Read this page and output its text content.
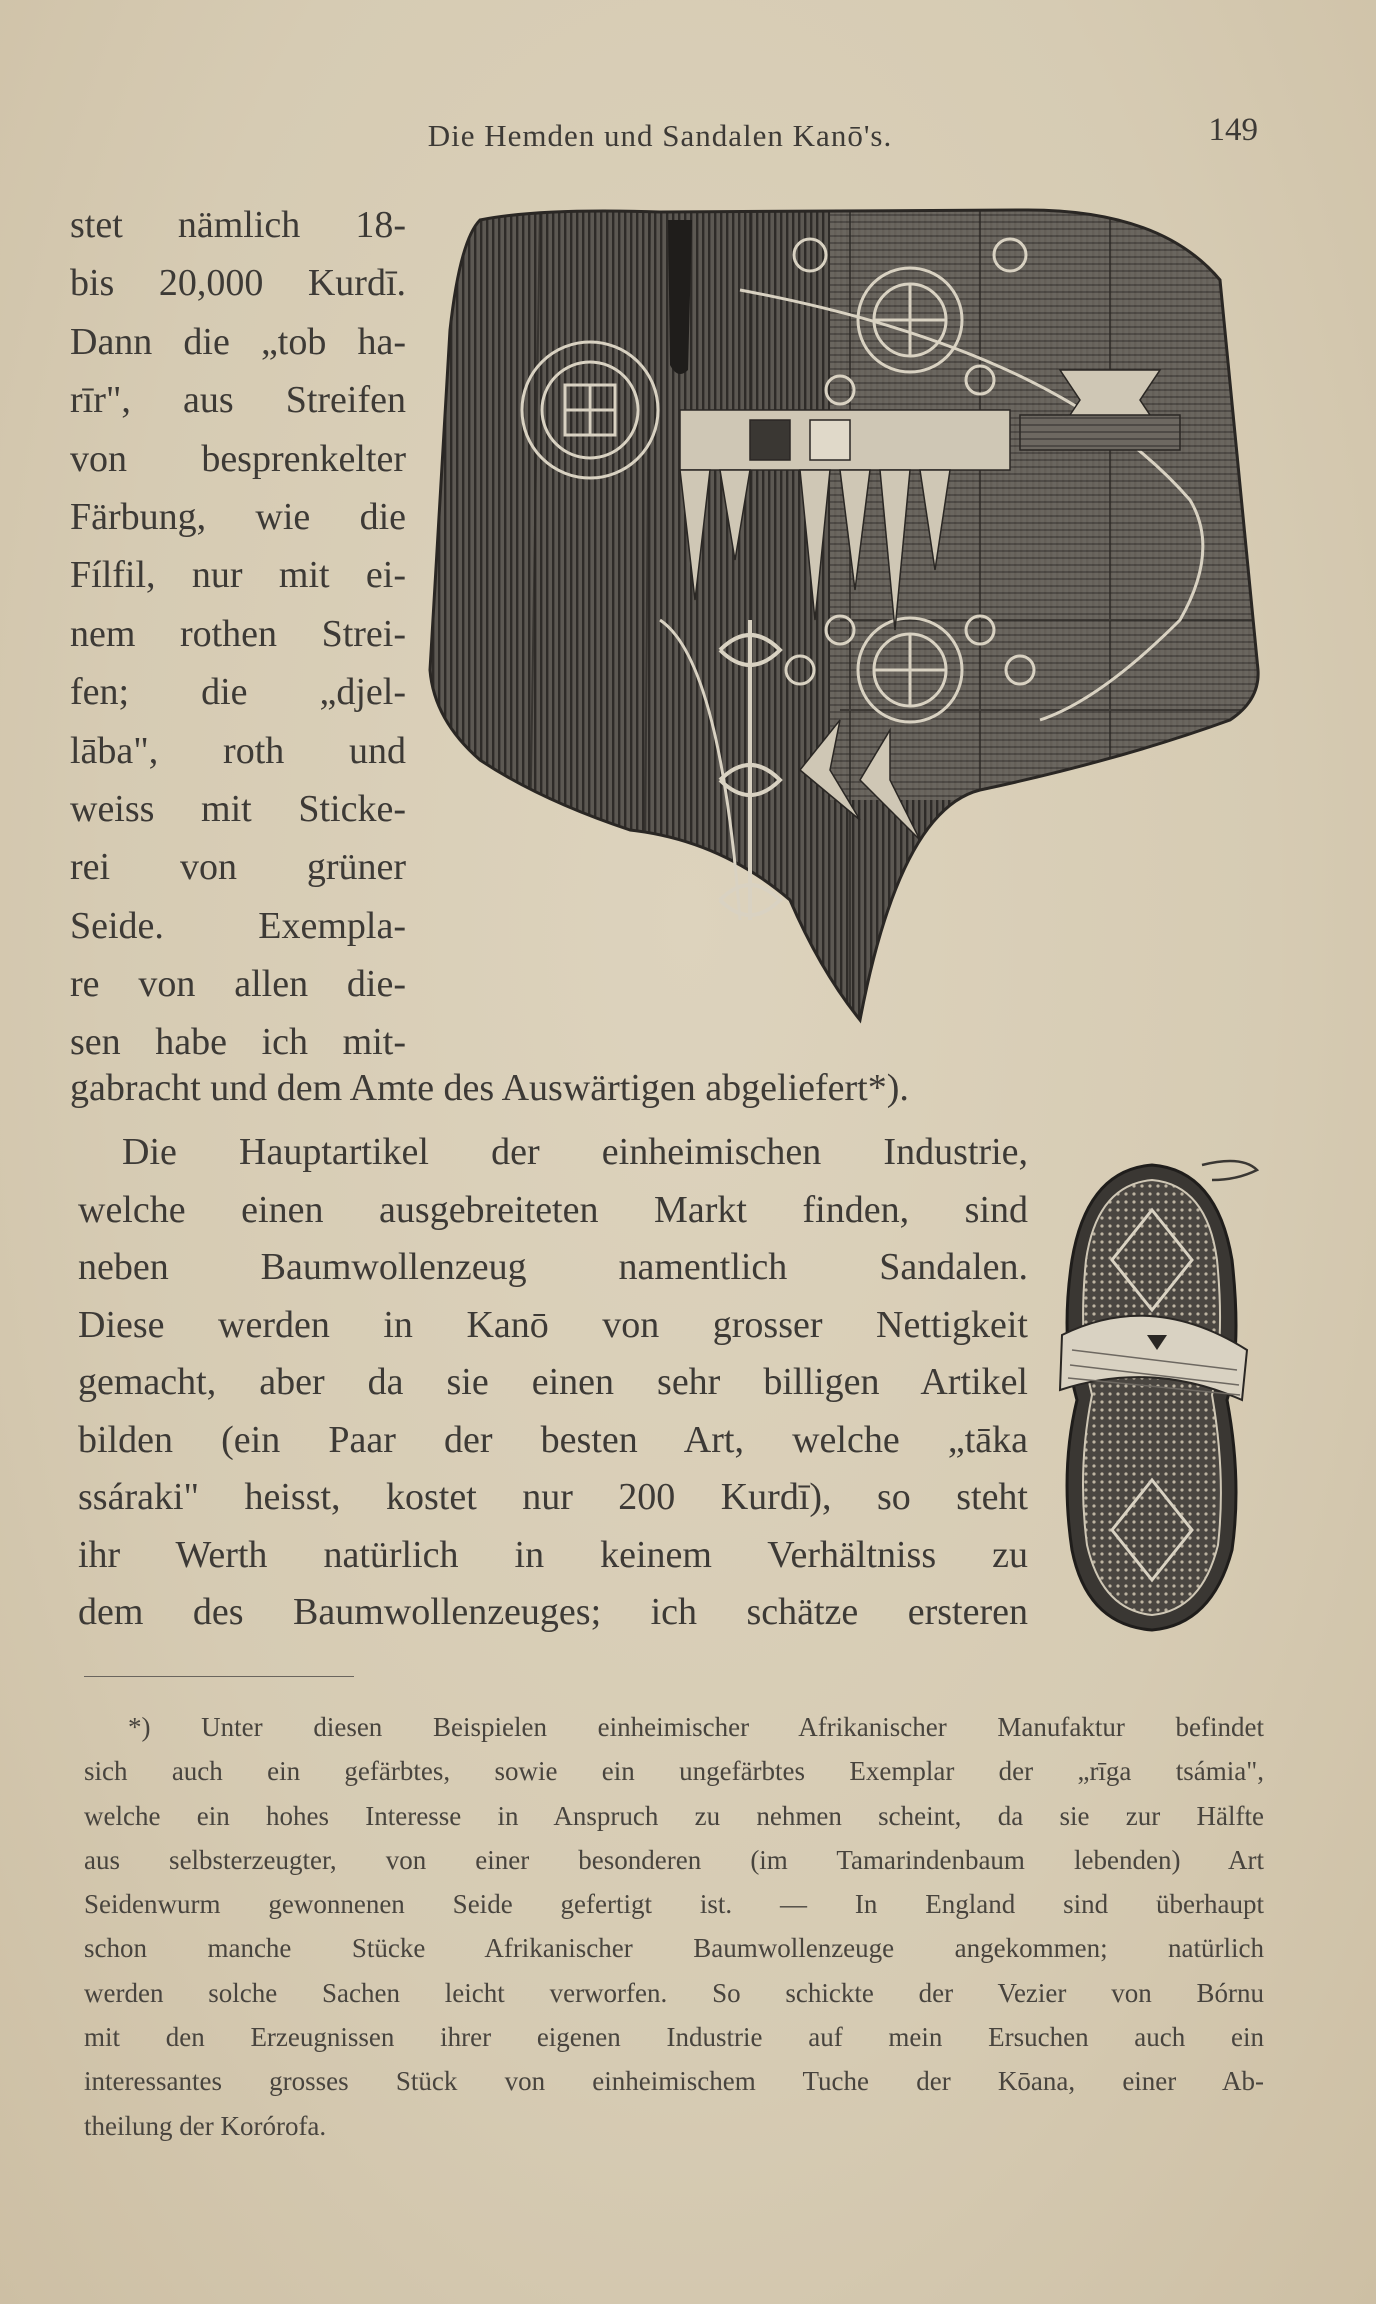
Die Hemden und Sandalen Kanō's.	149
stet nämlich 18-
bis 20,000 Kurdī.
Dann die „tob ha-
rīr", aus Streifen
von besprenkelter
Färbung, wie die
Fílfil, nur mit ei-
nem rothen Strei-
fen; die „djel-
lāba", roth und
weiss mit Sticke-
rei von grüner
Seide. Exempla-
re von allen die-
sen habe ich mit-
gabracht und dem Amte des Auswärtigen abgeliefert*).
Die Hauptartikel der einheimischen Industrie,
welche einen ausgebreiteten Markt finden, sind
neben Baumwollenzeug namentlich Sandalen.
Diese werden in Kanō von grosser Nettigkeit
gemacht, aber da sie einen sehr billigen Artikel
bilden (ein Paar der besten Art, welche „tāka
ssáraki" heisst, kostet nur 200 Kurdī), so steht
ihr Werth natürlich in keinem Verhältniss zu
dem des Baumwollenzeuges; ich schätze ersteren
*) Unter diesen Beispielen einheimischer Afrikanischer Manufaktur befindet
sich auch ein gefärbtes, sowie ein ungefärbtes Exemplar der „rīga tsámia",
welche ein hohes Interesse in Anspruch zu nehmen scheint, da sie zur Hälfte
aus selbsterzeugter, von einer besonderen (im Tamarindenbaum lebenden) Art
Seidenwurm gewonnenen Seide gefertigt ist. — In England sind überhaupt
schon manche Stücke Afrikanischer Baumwollenzeuge angekommen; natürlich
werden solche Sachen leicht verworfen. So schickte der Vezier von Bórnu
mit den Erzeugnissen ihrer eigenen Industrie auf mein Ersuchen auch ein
interessantes grosses Stück von einheimischem Tuche der Kōana, einer Ab-
theilung der Korórofa.
